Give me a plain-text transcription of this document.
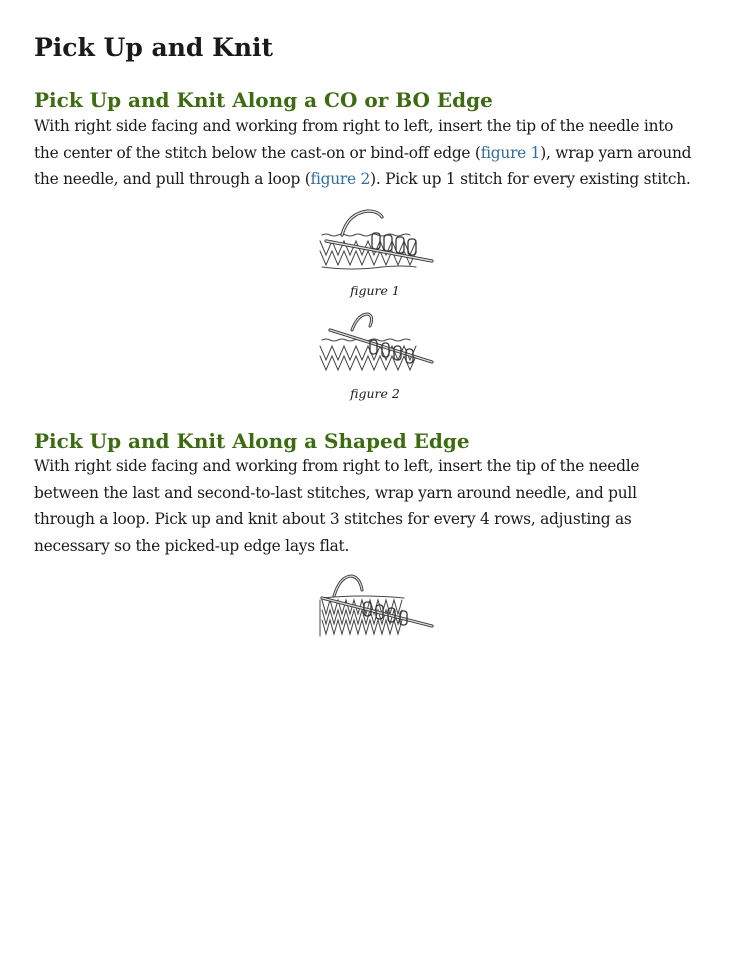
Pick Up and Knit
Pick Up and Knit Along a CO or BO Edge

With right side facing and working from right to left, insert the tip of the needle into
the center of the stitch below the cast-on or bind-off edge (figure 1), wrap yarn around
the needle, and pull through a loop (figure 2). Pick up 1 stitch for every existing stitch.

figure 1

figure 2

Pick Up and Knit Along a Shaped Edge

With right side facing and working from right to left, insert the tip of the needle
between the last and second-to-last stitches, wrap yarn around needle, and pull
through a loop. Pick up and knit about 3 stitches for every 4 rows, adjusting as
necessary so the picked-up edge lays flat.
